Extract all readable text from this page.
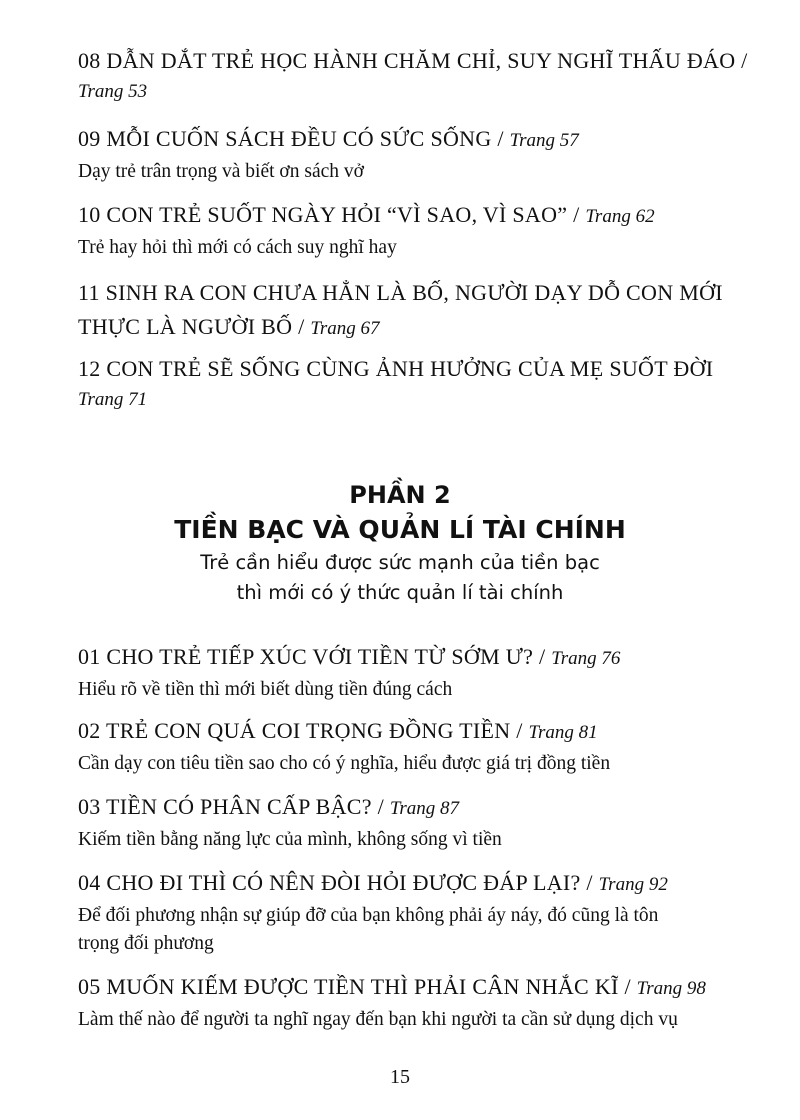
08 DẪN DẮT TRẺ HỌC HÀNH CHĂM CHỈ, SUY NGHĨ THẤU ĐÁO /
Trang 53
09 MỖI CUỐN SÁCH ĐỀU CÓ SỨC SỐNG / Trang 57
Dạy trẻ trân trọng và biết ơn sách vở
10 CON TRẺ SUỐT NGÀY HỎI “VÌ SAO, VÌ SAO” / Trang 62
Trẻ hay hỏi thì mới có cách suy nghĩ hay
11 SINH RA CON CHƯA HẲN LÀ BỐ, NGƯỜI DẠY DỖ CON MỚI
THỰC LÀ NGƯỜI BỐ / Trang 67
12 CON TRẺ SẼ SỐNG CÙNG ẢNH HƯỞNG CỦA MẸ SUỐT ĐỜI
Trang 71
PHẦN 2
TIỀN BẠC VÀ QUẢN LÍ TÀI CHÍNH
Trẻ cần hiểu được sức mạnh của tiền bạc
thì mới có ý thức quản lí tài chính
01 CHO TRẺ TIẾP XÚC VỚI TIỀN TỪ SỚM Ư? / Trang 76
Hiểu rõ về tiền thì mới biết dùng tiền đúng cách
02 TRẺ CON QUÁ COI TRỌNG ĐỒNG TIỀN / Trang 81
Cần dạy con tiêu tiền sao cho có ý nghĩa, hiểu được giá trị đồng tiền
03 TIỀN CÓ PHÂN CẤP BẬC? / Trang 87
Kiếm tiền bằng năng lực của mình, không sống vì tiền
04 CHO ĐI THÌ CÓ NÊN ĐÒI HỎI ĐƯỢC ĐÁP LẠI? / Trang 92
Để đối phương nhận sự giúp đỡ của bạn không phải áy náy, đó cũng là tôn
trọng đối phương
05 MUỐN KIẾM ĐƯỢC TIỀN THÌ PHẢI CÂN NHẮC KĨ / Trang 98
Làm thế nào để người ta nghĩ ngay đến bạn khi người ta cần sử dụng dịch vụ
15
